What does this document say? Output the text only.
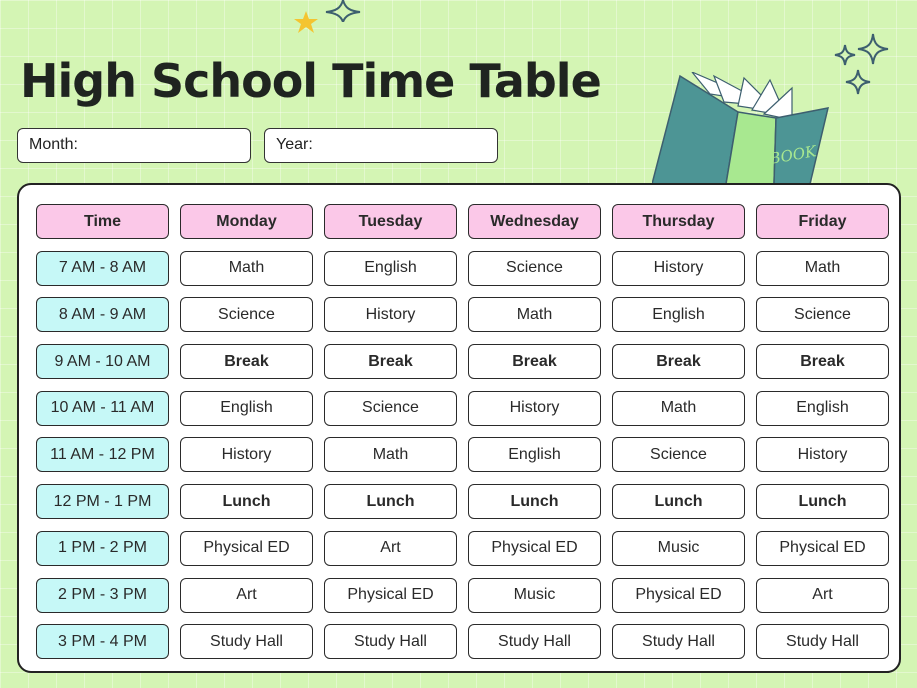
BOOK
High School Time Table
Month:	Year:
Time	Monday	Tuesday	Wednesday	Thursday	Friday
7 AM - 8 AM	Math	English	Science	History	Math
8 AM - 9 AM	Science	History	Math	English	Science
9 AM - 10 AM	Break	Break	Break	Break	Break
10 AM - 11 AM	English	Science	History	Math	English
11 AM - 12 PM	History	Math	English	Science	History
12 PM - 1 PM	Lunch	Lunch	Lunch	Lunch	Lunch
1 PM - 2 PM	Physical ED	Art	Physical ED	Music	Physical ED
2 PM - 3 PM	Art	Physical ED	Music	Physical ED	Art
3 PM - 4 PM	Study Hall	Study Hall	Study Hall	Study Hall	Study Hall
